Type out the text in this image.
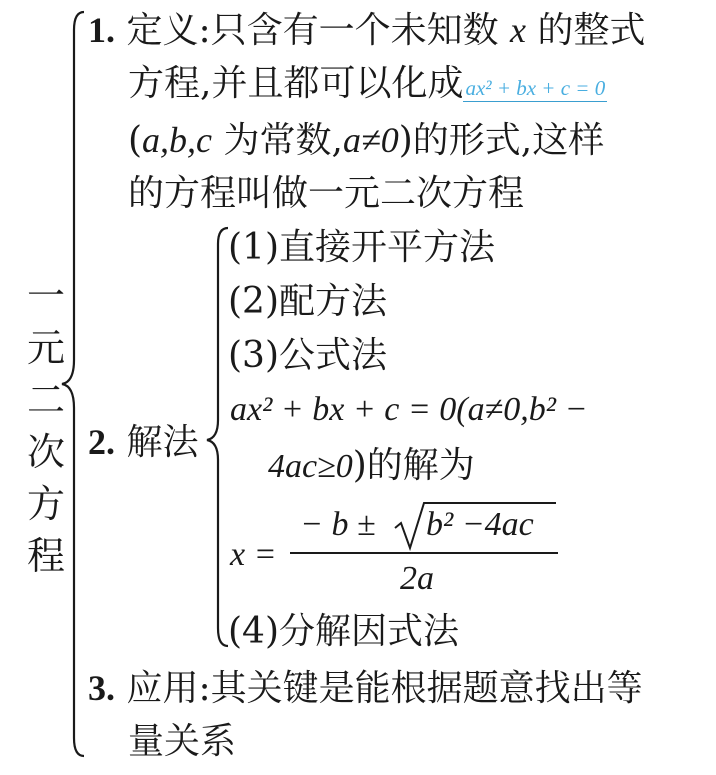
一
元
二
次
方
程
1. 定义:只含有一个未知数 x 的整式
方程,并且都可以化成ax² + bx + c = 0
(a,b,c 为常数,a≠0)的形式,这样
的方程叫做一元二次方程
(1)直接开平方法
(2)配方法
(3)公式法
2. 解法
ax² + bx + c = 0(a≠0,b² −
4ac≥0)的解为
x =
− b ± b² −4ac
2a
(4)分解因式法
3. 应用:其关键是能根据题意找出等
量关系
